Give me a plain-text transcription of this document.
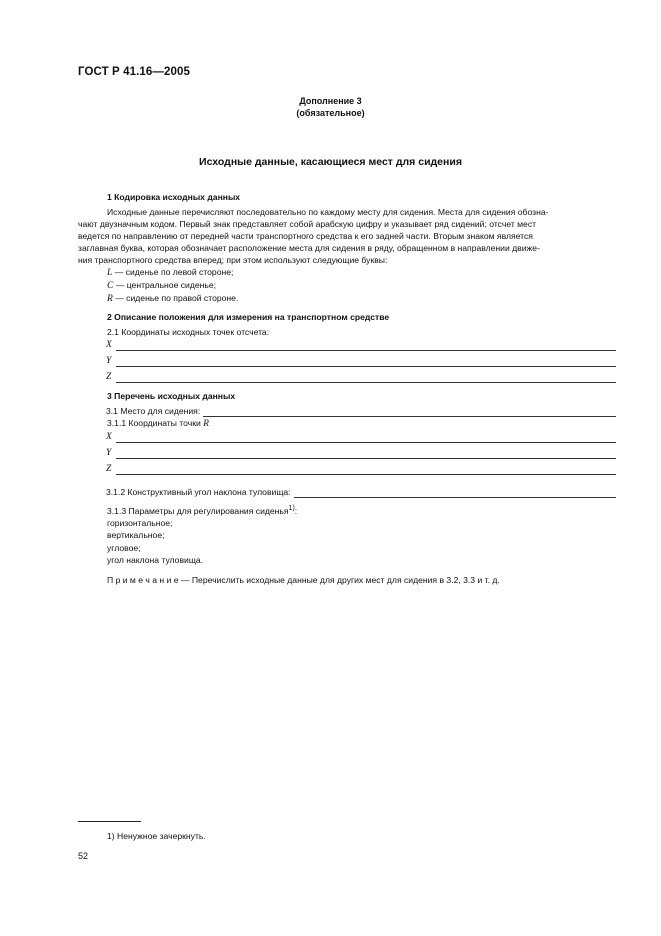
ГОСТ Р 41.16—2005
Дополнение 3
(обязательное)
Исходные данные, касающиеся мест для сидения
1 Кодировка исходных данных
Исходные данные перечисляют последовательно по каждому месту для сидения. Места для сидения обозна-
чают двузначным кодом. Первый знак представляет собой арабскую цифру и указывает ряд сидений; отсчет мест
ведется по направлению от передней части транспортного средства к его задней части. Вторым знаком является
заглавная буква, которая обозначает расположение места для сидения в ряду, обращенном в направлении движе-
ния транспортного средства вперед; при этом используют следующие буквы:
L — сиденье по левой стороне;
C — центральное сиденье;
R — сиденье по правой стороне.
2 Описание положения для измерения на транспортном средстве
2.1 Координаты исходных точек отсчета:
X
Y
Z
3 Перечень исходных данных
3.1 Место для сидения:
3.1.1 Координаты точки R
X
Y
Z
3.1.2 Конструктивный угол наклона туловища:
3.1.3 Параметры для регулирования сиденья$^{1)}$:
горизонтальное;
вертикальное;
угловое;
угол наклона туловища.
П р и м е ч а н и е — Перечислить исходные данные для других мест для сидения в 3.2, 3.3 и т. д.
1) Ненужное зачеркнуть.
52
